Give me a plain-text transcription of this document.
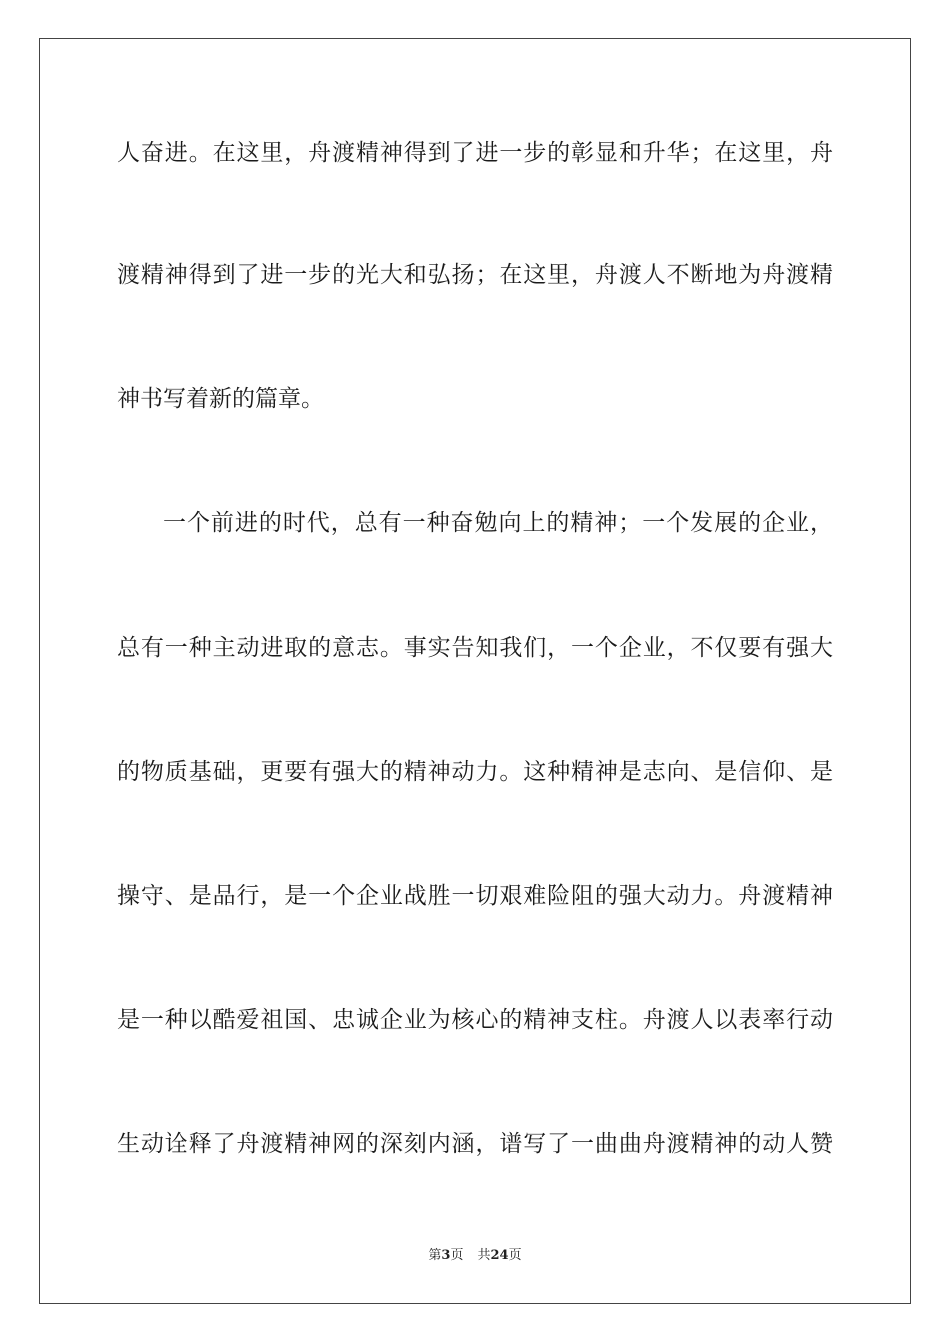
人奋进。在这里，舟渡精神得到了进一步的彰显和升华；在这里，舟
渡精神得到了进一步的光大和弘扬；在这里，舟渡人不断地为舟渡精
神书写着新的篇章。
一个前进的时代，总有一种奋勉向上的精神；一个发展的企业，
总有一种主动进取的意志。事实告知我们，一个企业，不仅要有强大
的物质基础，更要有强大的精神动力。这种精神是志向、是信仰、是
操守、是品行，是一个企业战胜一切艰难险阻的强大动力。舟渡精神
是一种以酷爱祖国、忠诚企业为核心的精神支柱。舟渡人以表率行动
生动诠释了舟渡精神网的深刻内涵，谱写了一曲曲舟渡精神的动人赞
第3页 共24页
